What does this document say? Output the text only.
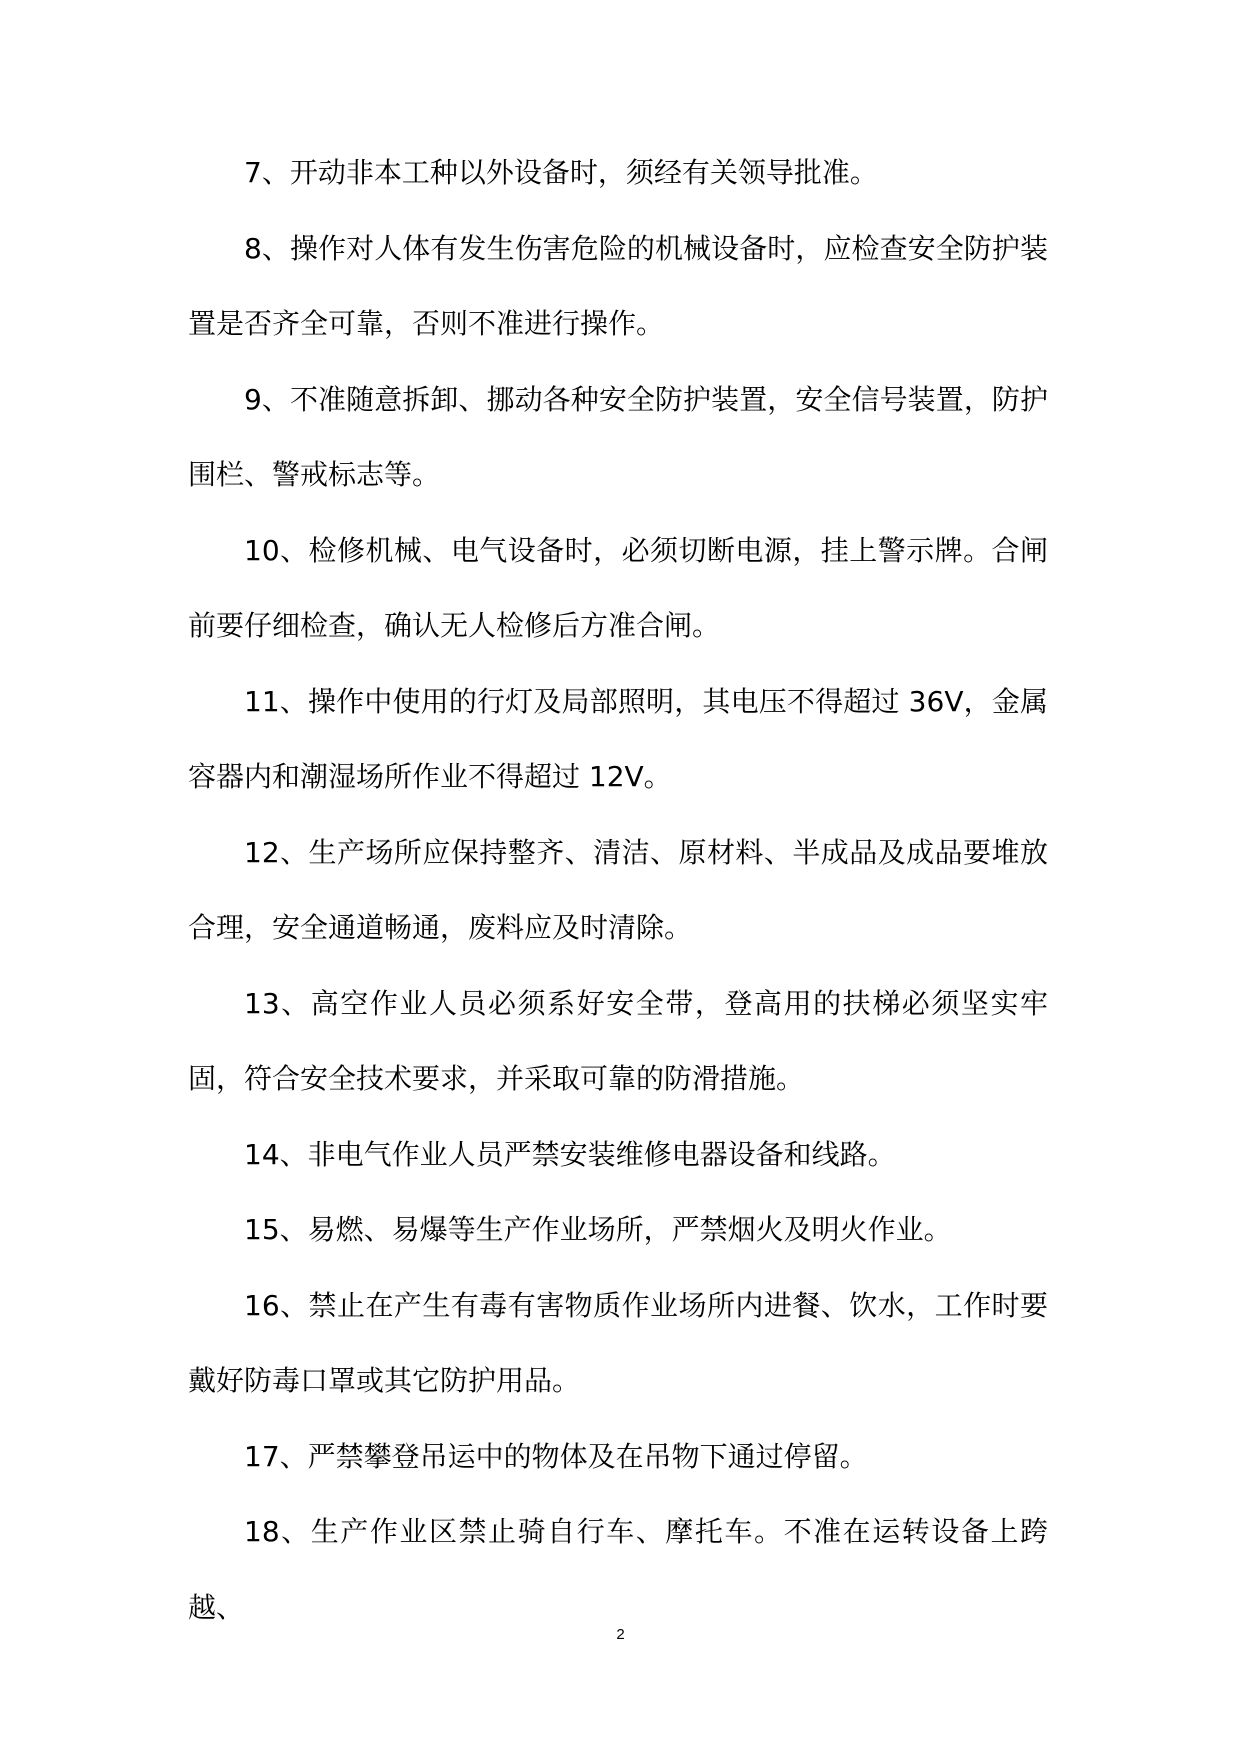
7、开动非本工种以外设备时，须经有关领导批准。

8、操作对人体有发生伤害危险的机械设备时，应检查安全防护装置是否齐全可靠，否则不准进行操作。

9、不准随意拆卸、挪动各种安全防护装置，安全信号装置，防护围栏、警戒标志等。

10、检修机械、电气设备时，必须切断电源，挂上警示牌。合闸前要仔细检查，确认无人检修后方准合闸。

11、操作中使用的行灯及局部照明，其电压不得超过 36V，金属容器内和潮湿场所作业不得超过 12V。

12、生产场所应保持整齐、清洁、原材料、半成品及成品要堆放合理，安全通道畅通，废料应及时清除。

13、高空作业人员必须系好安全带，登高用的扶梯必须坚实牢固，符合安全技术要求，并采取可靠的防滑措施。

14、非电气作业人员严禁安装维修电器设备和线路。

15、易燃、易爆等生产作业场所，严禁烟火及明火作业。

16、禁止在产生有毒有害物质作业场所内进餐、饮水，工作时要戴好防毒口罩或其它防护用品。

17、严禁攀登吊运中的物体及在吊物下通过停留。

18、生产作业区禁止骑自行车、摩托车。不准在运转设备上跨越、

2
